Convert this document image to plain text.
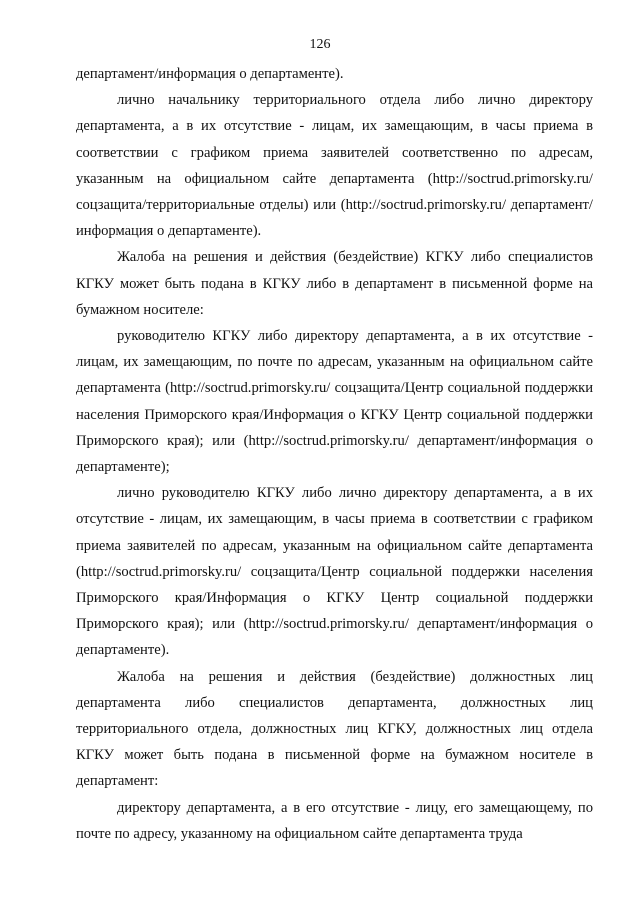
126

департамент/информация о департаменте).

лично начальнику территориального отдела либо лично директору департамента, а в их отсутствие - лицам, их замещающим, в часы приема в соответствии с графиком приема заявителей соответственно по адресам, указанным на официальном сайте департамента (http://soctrud.primorsky.ru/ соцзащита/территориальные отделы) или (http://soctrud.primorsky.ru/ департамент/информация о департаменте).

Жалоба на решения и действия (бездействие) КГКУ либо специалистов КГКУ может быть подана в КГКУ либо в департамент в письменной форме на бумажном носителе:

руководителю КГКУ либо директору департамента, а в их отсутствие - лицам, их замещающим, по почте по адресам, указанным на официальном сайте департамента (http://soctrud.primorsky.ru/ соцзащита/Центр социальной поддержки населения Приморского края/Информация о КГКУ Центр социальной поддержки Приморского края); или (http://soctrud.primorsky.ru/ департамент/информация о департаменте);

лично руководителю КГКУ либо лично директору департамента, а в их отсутствие - лицам, их замещающим, в часы приема в соответствии с графиком приема заявителей по адресам, указанным на официальном сайте департамента (http://soctrud.primorsky.ru/ соцзащита/Центр социальной поддержки населения Приморского края/Информация о КГКУ Центр социальной поддержки Приморского края); или (http://soctrud.primorsky.ru/ департамент/информация о департаменте).

Жалоба на решения и действия (бездействие) должностных лиц департамента либо специалистов департамента, должностных лиц территориального отдела, должностных лиц КГКУ, должностных лиц отдела КГКУ может быть подана в письменной форме на бумажном носителе в департамент:

директору департамента, а в его отсутствие - лицу, его замещающему, по почте по адресу, указанному на официальном сайте департамента труда
